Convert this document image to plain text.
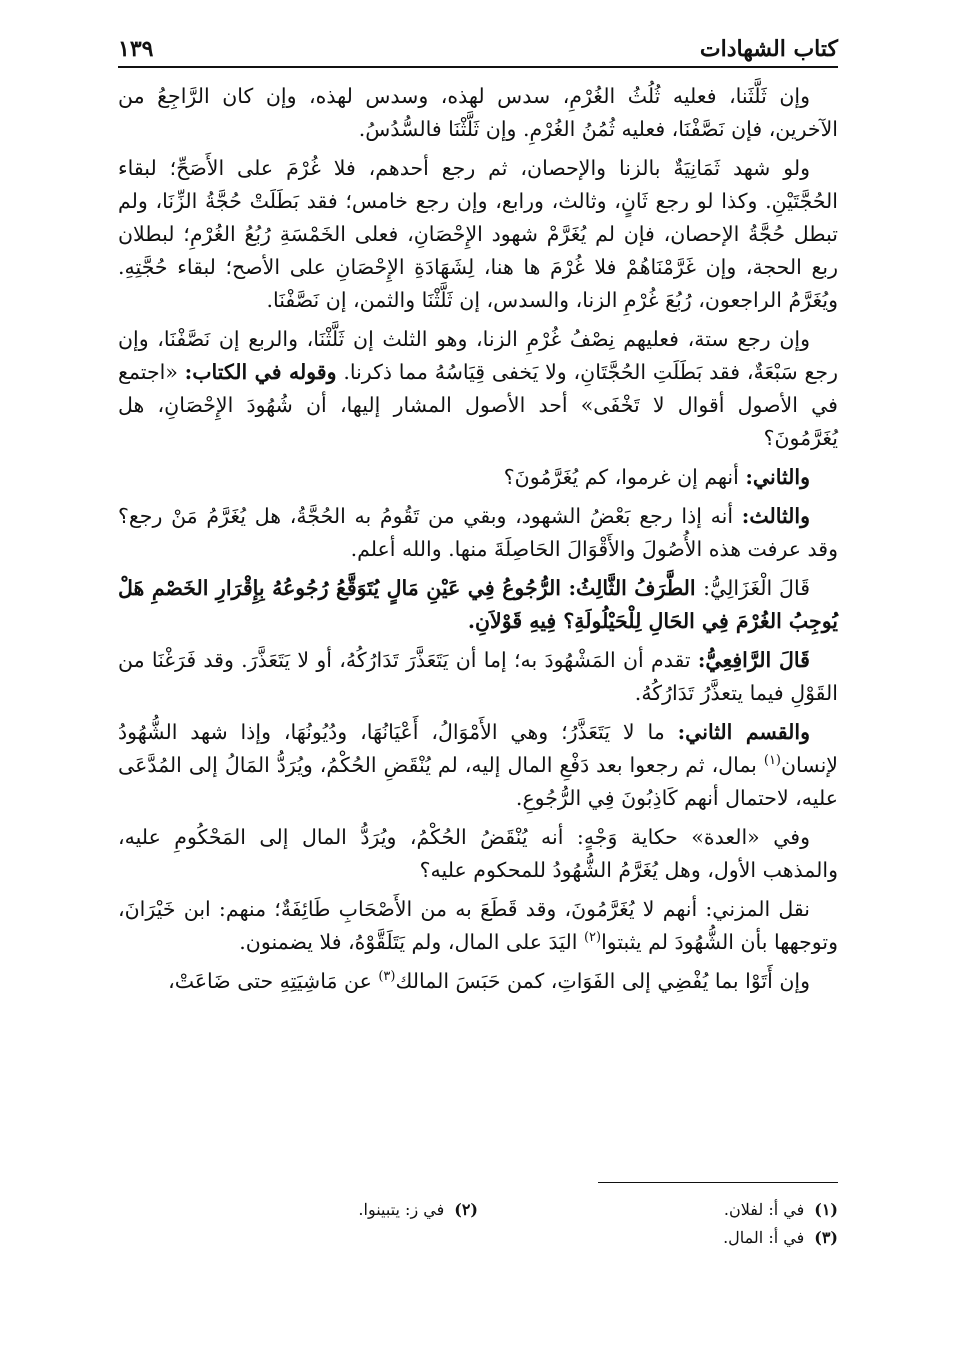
كتاب الشهادات
١٣٩

وإن ثَلَّثَنا، فعليه ثُلُثُ الغُرْمِ، سدس لهذه، وسدس لهذه، وإن كان الرَّاجِعُ من الآخرين، فإن نَصَّفْنَا، فعليه ثُمُنُ الغُرْمِ. وإن ثَلَّثْنَا فالسُّدُسُ.

ولو شهد ثَمَانِيَةٌ بالزنا والإحصان، ثم رجع أحدهم، فلا غُرْمَ على الأَصَحِّ؛ لبقاء الحُجَّتَيْنِ. وكذا لو رجع ثَانٍ، وثالث، ورابع، وإن رجع خامس؛ فقد بَطَلَتْ حُجَّةُ الزِّنَا، ولم تبطل حُجَّةُ الإحصان، فإن لم يُغَرَّمْ شهود الإِحْصَانِ، فعلى الخَمْسَةِ رُبُعُ الغُرْمِ؛ لبطلان ربع الحجة، وإن غَرَّمْنَاهُمْ فلا غُرْمَ ها هنا، لِشَهَادَةِ الإِحْصَانِ على الأصح؛ لبقاء حُجَّتِهِ. ويُغَرَّمُ الراجعون، رُبُعَ غُرْمِ الزنا، والسدس، إن ثَلَّثْنَا والثمن، إن نَصَّفْنَا.

وإن رجع ستة، فعليهم نِصْفُ غُرْمِ الزنا، وهو الثلث إن ثَلَّثْنَا، والربع إن نَصَّفْنَا، وإن رجع سَبْعَةٌ، فقد بَطَلَتِ الحُجَّتَانِ، ولا يَخفى قِيَاسُهُ مما ذكرنا. وقوله في الكتاب: «اجتمع في الأصول أقوال لا تَخْفَى» أحد الأصول المشار إليها، أن شُهُودَ الإِحْصَانِ، هل يُغَرَّمُونَ؟

والثاني: أنهم إن غرموا، كم يُغَرَّمُونَ؟

والثالث: أنه إذا رجع بَعْضُ الشهود، وبقي من تَقُومُ به الحُجَّةُ، هل يُغَرَّمُ مَنْ رجع؟ وقد عرفت هذه الأُصُولَ والأَقْوَالَ الحَاصِلَةَ منها. والله أعلم.

قَالَ الْغَزَالِيُّ: الطَّرَفُ الثَّالِثُ: الرُّجُوعُ فِي عَيْنِ مَالٍ يُتَوَقَّعُ رُجُوعُهُ بِإِقْرَارِ الخَصْمِ هَلْ يُوجِبُ الغُرْمَ فِي الحَالِ لِلْحَيْلُولَةِ؟ فِيهِ قَوْلاَنِ.

قَالَ الرَّافِعِيُّ: تقدم أن المَشْهُودَ به؛ إما أن يَتَعَذَّرَ تَدَارُكُهُ، أو لا يَتَعَذَّرَ. وقد فَرَغْنَا من القَوْلِ فيما يتعذَّرُ تَدَارُكُهُ.

والقسم الثاني: ما لا يَتَعَذَّرُ؛ وهي الأَمْوَالُ، أَعْيَانُهَا، ودُيُونُهَا، وإذا شهد الشُّهُودُ لإنسان$^{(١)}$ بمال، ثم رجعوا بعد دَفْعِ المال إليه، لم يُنْقَضِ الحُكْمُ، ويُرَدُّ المَالُ إلى المُدَّعَى عليه، لاحتمال أنهم كَاذِبُونَ فِي الرُّجُوعِ.

وفي «العدة» حكاية وَجْهٍ: أنه يُنْقَضُ الحُكْمُ، ويُرَدُّ المال إلى المَحْكُومِ عليه، والمذهب الأول، وهل يُغَرَّمُ الشُّهُودُ للمحكوم عليه؟

نقل المزني: أنهم لا يُغَرَّمُونَ، وقد قَطَعَ به من الأَصْحَابِ طَائِفَةٌ؛ منهم: ابن خَيْرَانَ، وتوجهها بأن الشُّهُودَ لم يثبتوا$^{(٢)}$ اليَدَ على المال، ولم يَتَلَقَّوْهُ، فلا يضمنون.

وإن أَتَوْا بما يُفْضِي إلى الفَوَاتِ، كمن حَبَسَ المالك$^{(٣)}$ عن مَاشِيَتِهِ حتى ضَاعَتْ،

(١)في أ: لفلان.
(٢)في ز: يتبينوا.
(٣)في أ: المال.
